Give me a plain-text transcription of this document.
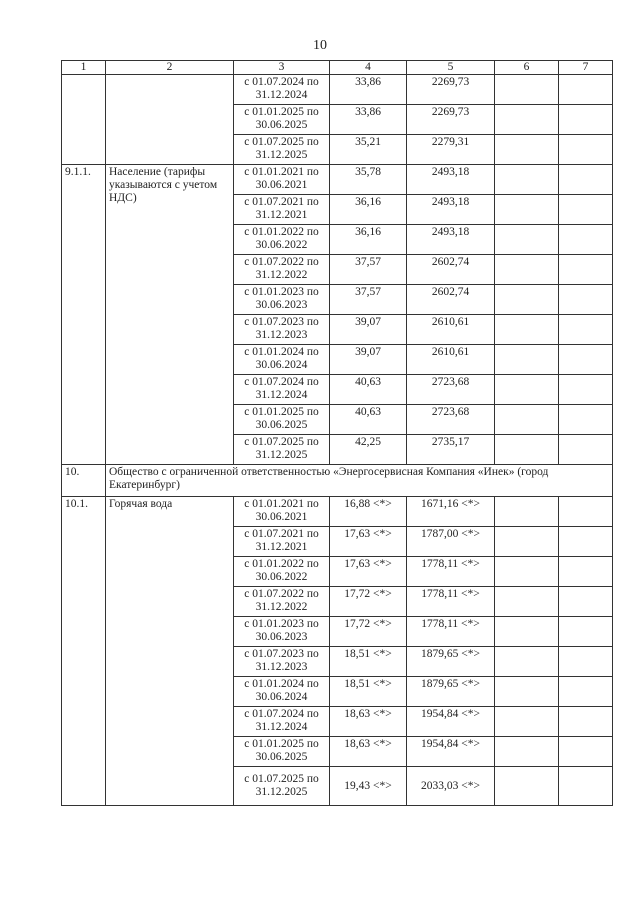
10
1	2	3	4	5	6	7
		с 01.07.2024 по 31.12.2024	33,86	2269,73		
		с 01.01.2025 по 30.06.2025	33,86	2269,73		
		с 01.07.2025 по 31.12.2025	35,21	2279,31		
9.1.1.	Население (тарифы указываются с учетом НДС)	с 01.01.2021 по 30.06.2021	35,78	2493,18		
		с 01.07.2021 по 31.12.2021	36,16	2493,18		
		с 01.01.2022 по 30.06.2022	36,16	2493,18		
		с 01.07.2022 по 31.12.2022	37,57	2602,74		
		с 01.01.2023 по 30.06.2023	37,57	2602,74		
		с 01.07.2023 по 31.12.2023	39,07	2610,61		
		с 01.01.2024 по 30.06.2024	39,07	2610,61		
		с 01.07.2024 по 31.12.2024	40,63	2723,68		
		с 01.01.2025 по 30.06.2025	40,63	2723,68		
		с 01.07.2025 по 31.12.2025	42,25	2735,17		
10.	Общество с ограниченной ответственностью «Энергосервисная Компания «Инек» (город Екатеринбург)					
10.1.	Горячая вода	с 01.01.2021 по 30.06.2021	16,88 <*>	1671,16 <*>		
		с 01.07.2021 по 31.12.2021	17,63 <*>	1787,00 <*>		
		с 01.01.2022 по 30.06.2022	17,63 <*>	1778,11 <*>		
		с 01.07.2022 по 31.12.2022	17,72 <*>	1778,11 <*>		
		с 01.01.2023 по 30.06.2023	17,72 <*>	1778,11 <*>		
		с 01.07.2023 по 31.12.2023	18,51 <*>	1879,65 <*>		
		с 01.01.2024 по 30.06.2024	18,51 <*>	1879,65 <*>		
		с 01.07.2024 по 31.12.2024	18,63 <*>	1954,84 <*>		
		с 01.01.2025 по 30.06.2025	18,63 <*>	1954,84 <*>		
		с 01.07.2025 по 31.12.2025	19,43 <*>	2033,03 <*>		
